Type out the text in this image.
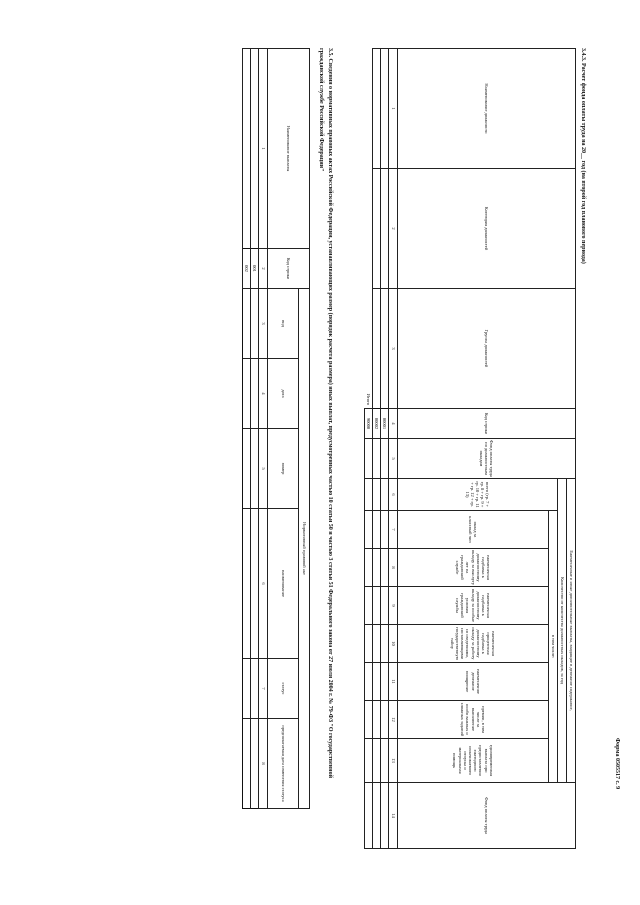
Форма 0505517 с. 9
3.4.3. Расчет фонда оплаты труда на 20__ год (на второй год планового периода)
Наименование должности	Категория должностей	Группа должностей	Код строки	Фонд оплаты труда по должностным окладам	Ежемесячные и иные дополнительные выплаты, входящие в денежное содержание,								Фонд оплаты труда
					Количество от количества должностных окладов, за год								
					всего (гр. 7 + гр. 8 + гр. 9 + гр. 10 + гр. 11 + гр. 12 + гр. 13)	в том числе:							
						оклад за классный чин	ежемесячная надбавка к должностному окладу за выслугу лет на гражданской службе	ежемесячная надбавка к должностному окладу за особые условия гражданской службы	ежемесячная процентная надбавка к должностному окладу за работу со сведениями, составляющими государственную тайну	ежемесячное денежное поощрение	премии, в том числе за выполнение особо важных и сложных заданий	единовременная выплата при предоставлении ежегодного оплачиваемого отпуска и материальная помощь	
1	2	3	4	5	6	7	8	9	10	11	12	13	14
			00001										
			00002										
Итого			90000										
3.5. Сведения о нормативных правовых актах Российской Федерации, устанавливающих размер (порядок расчета размера) иных выплат, предусмотренных частью 10 статьи 50 и частью 3 статьи 51 Федерального закона от 27 июля 2004 г. № 79-ФЗ "О государственной гражданской службе Российской Федерации"
Наименование выплаты	Код строки	Нормативный правовой акт					
		вид	дата	номер	наименование	статус	предполагаемая дата изменения статуса
1	2	3	4	5	6	7	8
	001						
	002						
